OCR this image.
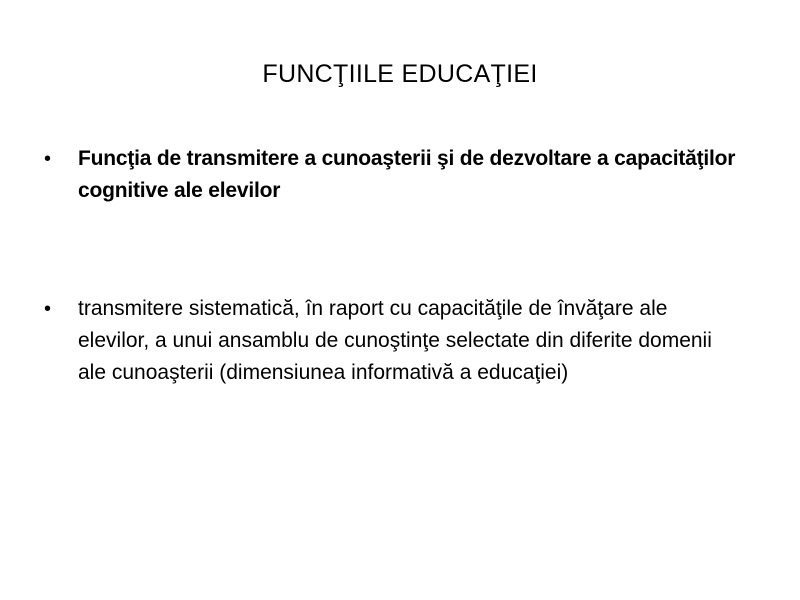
FUNCŢIILE EDUCAŢIEI
• Funcţia de transmitere a cunoaşterii şi de dezvoltare a capacităţilor cognitive ale elevilor
• transmitere sistematică, în raport cu capacităţile de învăţare ale elevilor, a unui ansamblu de cunoştinţe selectate din diferite domenii ale cunoaşterii (dimensiunea informativă a educaţiei)
